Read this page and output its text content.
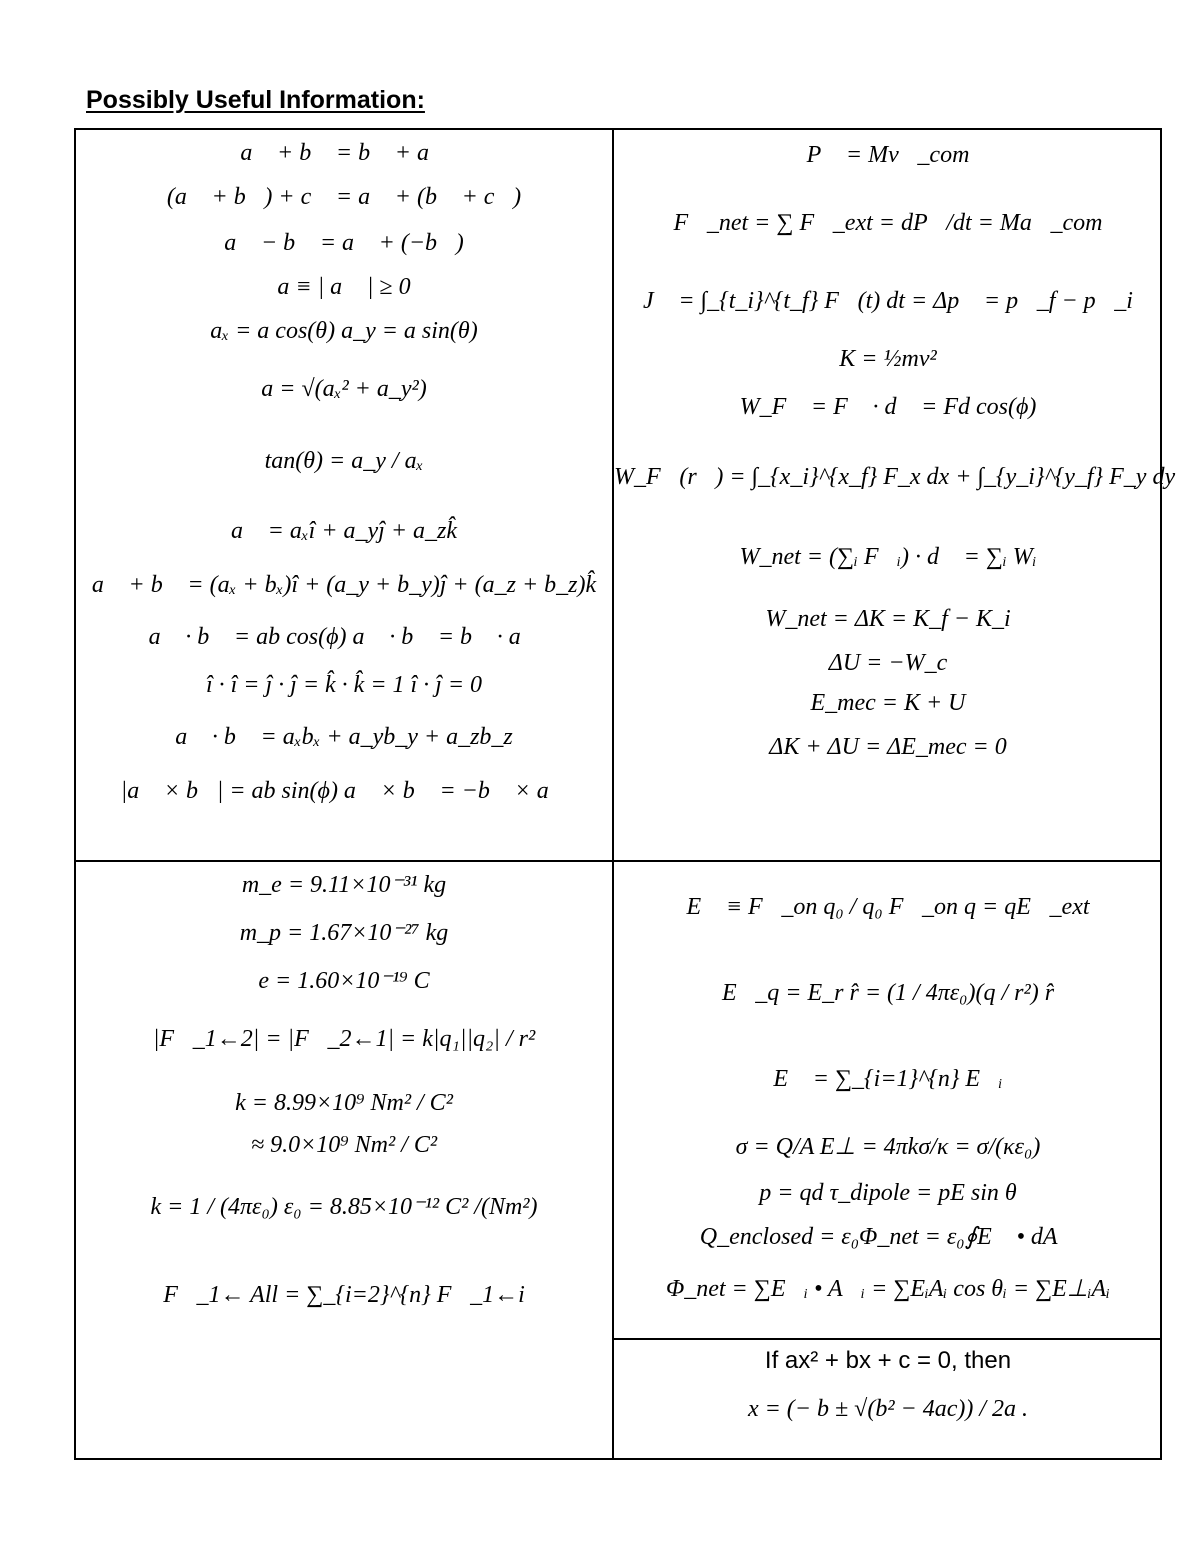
Possibly Useful Information:
a⃗ + b⃗ = b⃗ + a⃗
(a⃗ + b⃗) + c⃗ = a⃗ + (b⃗ + c⃗)
a⃗ − b⃗ = a⃗ + (−b⃗)
a ≡ | a⃗ | ≥ 0
aₓ = a cos(θ) a_y = a sin(θ)
a = √(aₓ² + a_y²)
tan(θ) = a_y / aₓ
a⃗ = aₓî + a_yĵ + a_zk̂
a⃗ + b⃗ = (aₓ + bₓ)î + (a_y + b_y)ĵ + (a_z + b_z)k̂
a⃗ · b⃗ = ab cos(ϕ) a⃗ · b⃗ = b⃗ · a⃗
î · î = ĵ · ĵ = k̂ · k̂ = 1 î · ĵ = 0
a⃗ · b⃗ = aₓbₓ + a_yb_y + a_zb_z
|a⃗ × b⃗| = ab sin(ϕ) a⃗ × b⃗ = −b⃗ × a⃗
P⃗ = Mv⃗_com
F⃗_net = ∑ F⃗_ext = dP⃗/dt = Ma⃗_com
J⃗ = ∫_{t_i}^{t_f} F⃗(t) dt = Δp⃗ = p⃗_f − p⃗_i
K = ½mv²
W_F⃗ = F⃗ · d⃗ = Fd cos(ϕ)
W_F⃗(r⃗) = ∫_{x_i}^{x_f} F_x dx + ∫_{y_i}^{y_f} F_y dy
W_net = (∑ᵢ F⃗ᵢ) · d⃗ = ∑ᵢ Wᵢ
W_net = ΔK = K_f − K_i
ΔU = −W_c
E_mec = K + U
ΔK + ΔU = ΔE_mec = 0
m_e = 9.11×10⁻³¹ kg
m_p = 1.67×10⁻²⁷ kg
e = 1.60×10⁻¹⁹ C
|F⃗_1←2| = |F⃗_2←1| = k|q₁||q₂| / r²
k = 8.99×10⁹ Nm² / C²
≈ 9.0×10⁹ Nm² / C²
k = 1 / (4πε₀) ε₀ = 8.85×10⁻¹² C² /(Nm²)
F⃗_1← All = ∑_{i=2}^{n} F⃗_1←i
E⃗ ≡ F⃗_on q₀ / q₀ F⃗_on q = qE⃗_ext
E⃗_q = E_r r̂ = (1 / 4πε₀)(q / r²) r̂
E⃗ = ∑_{i=1}^{n} E⃗ᵢ
σ = Q/A E⊥ = 4πkσ/κ = σ/(κε₀)
p = qd τ_dipole = pE sin θ
Q_enclosed = ε₀Φ_net = ε₀∮E⃗ • dA⃗
Φ_net = ∑E⃗ᵢ • A⃗ᵢ = ∑EᵢAᵢ cos θᵢ = ∑E⊥ᵢAᵢ
If ax² + bx + c = 0, then
x = (− b ± √(b² − 4ac)) / 2a .
